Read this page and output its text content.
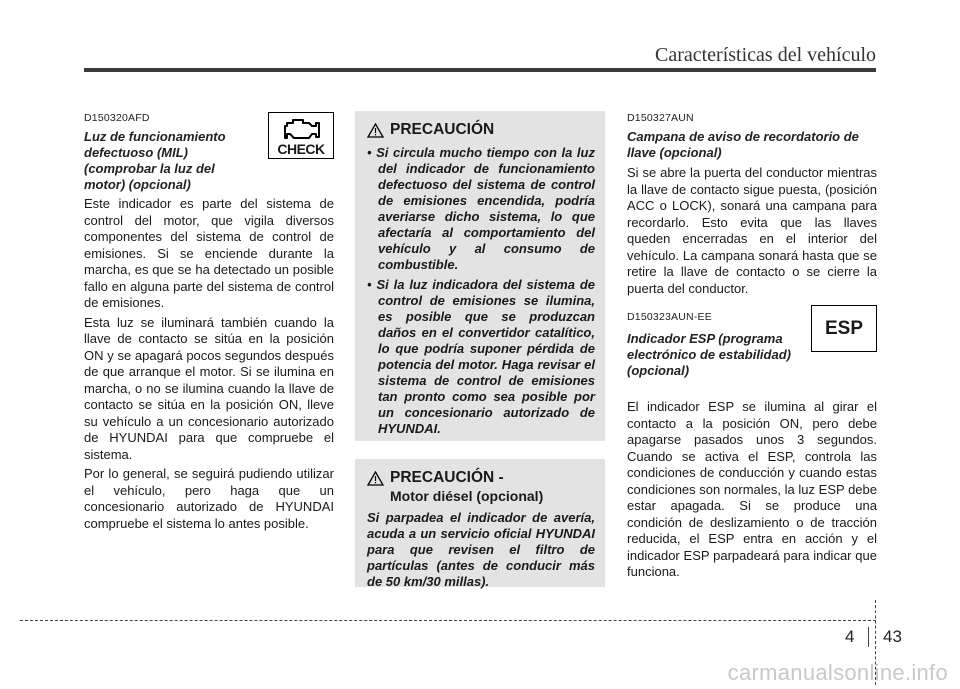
Características del vehículo
CHECK
D150320AFD
Luz de funcionamiento defectuoso (MIL) (comprobar la luz del motor) (opcional)

Este indicador es parte del sistema de control del motor, que vigila diversos componentes del sistema de control de emisiones. Si se enciende durante la marcha, es que se ha detectado un posible fallo en alguna parte del sistema de control de emisiones.

Esta luz se iluminará también cuando la llave de contacto se sitúa en la posición ON y se apagará pocos segundos después de que arranque el motor. Si se ilumina en marcha, o no se ilumina cuando la llave de contacto se sitúa en la posición ON, lleve su vehículo a un concesionario autorizado de HYUNDAI para que compruebe el sistema.

Por lo general, se seguirá pudiendo utilizar el vehículo, pero haga que un concesionario autorizado de HYUNDAI compruebe el sistema lo antes posible.

PRECAUCIÓN
• Si circula mucho tiempo con la luz del indicador de funcionamiento defectuoso del sistema de control de emisiones encendida, podría averiarse dicho sistema, lo que afectaría al comportamiento del vehículo y al consumo de combustible.
• Si la luz indicadora del sistema de control de emisiones se ilumina, es posible que se produzcan daños en el convertidor catalítico, lo que podría suponer pérdida de potencia del motor. Haga revisar el sistema de control de emisiones tan pronto como sea posible por un concesionario autorizado de HYUNDAI.
PRECAUCIÓN -
Motor diésel (opcional)
Si parpadea el indicador de avería, acuda a un servicio oficial HYUNDAI para que revisen el filtro de partículas (antes de conducir más de 50 km/30 millas).
D150327AUN
Campana de aviso de recordatorio de llave (opcional)

Si se abre la puerta del conductor mientras la llave de contacto sigue puesta, (posición ACC o LOCK), sonará una campana para recordarlo. Esto evita que las llaves queden encerradas en el interior del vehículo. La campana sonará hasta que se retire la llave de contacto o se cierre la puerta del conductor.

D150323AUN-EE
ESP
Indicador ESP (programa electrónico de estabilidad) (opcional)

El indicador ESP se ilumina al girar el contacto a la posición ON, pero debe apagarse pasados unos 3 segundos. Cuando se activa el ESP, controla las condiciones de conducción y cuando estas condiciones son normales, la luz ESP debe estar apagada. Si se produce una condición de deslizamiento o de tracción reducida, el ESP entra en acción y el indicador ESP parpadeará para indicar que funciona.

4 43
carmanualsonline.info
